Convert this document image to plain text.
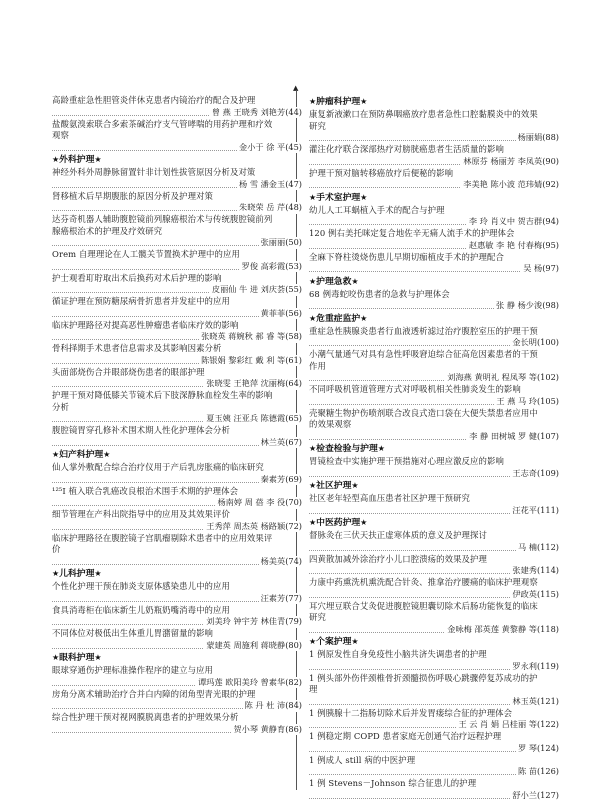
▲
高龄重症急性胆管炎伴休克患者内镜治疗的配合及护理
(44)
曾 燕 王晓秀 刘艳芳
盐酸氨溴索联合多索茶碱治疗支气管哮喘的用药护理和疗效
观察
(45)
金小于 徐 平
★外科护理★
神经外科外周静脉留置针非计划性拔管原因分析及对策
(47)
杨 雪 潘金玉
肾移植术后早期腹胀的原因分析及护理对策
(48)
朱晓荣 岳 芹
达芬奇机器人辅助腹腔镜前列腺癌根治术与传统腹腔镜前列
腺癌根治术的护理及疗效研究
(50)
张丽丽
Orem 自理理论在人工髋关节置换术护理中的应用
(53)
罗俊 高彩霞
护士观看耵聍取出术后换药对术后护理的影响
(55)
皮丽仙 牛 进 刘庆荟
循证护理在预防糖尿病骨折患者并发症中的应用
(56)
黄菲菲
临床护理路径对提高恶性肿瘤患者临床疗效的影响
(58)
张晓英 蒋婉秋 郝 睿 等
骨科择期手术患者信息需求及其影响因素分析
(61)
陈银娟 黎彩红 戴 利 等
头面部烧伤合并眼部烧伤患者的眼部护理
(64)
张晓雯 王艳萍 沈丽梅
护理干预对降低膝关节镜术后下肢深静脉血栓发生率的影响
分析
(65)
夏玉姨 汪亚兵 陈德霞
腹腔镜胃穿孔修补术围术期人性化护理体会分析
(67)
林兰英
★妇产科护理★
仙人掌外敷配合综合治疗仪用于产后乳房胀痛的临床研究
(69)
秦素芳
¹²⁵I 植入联合乳癌改良根治术围手术期的护理体会
(70)
杨南婷 周 蓓 李 役
细节管理在产科出院指导中的应用及其效果评价
(72)
王秀萍 周杰英 杨路颖
临床护理路径在腹腔镜子宫肌瘤剔除术患者中的应用效果评
价
(74)
杨美英
★儿科护理★
个性化护理干预在肺炎支原体感染患儿中的应用
(77)
汪素芳
食具消毒柜在临床新生儿奶瓶奶嘴消毒中的应用
(79)
刘美玲 钟宇芳 林佳青
不同体位对极低出生体重儿胃潴留量的影响
(80)
蒙建英 周施利 蒋晓静
★眼科护理★
眼球穿通伤护理标准操作程序的建立与应用
(82)
谭玛莲 欧阳美玲 曾素华
房角分离术辅助治疗合并白内障的闭角型青光眼的护理
(84)
陈 丹 杜 沛
综合性护理干预对视网膜脱离患者的护理效果分析
(86)
贺小琴 黄静育
★肿瘤科护理★
康复新液漱口在预防鼻咽癌放疗患者急性口腔黏膜炎中的效果
研究
(88)
杨丽娟
灌注化疗联合深部热疗对膀胱癌患者生活质量的影响
(90)
林原芬 杨丽芳 李凤英
护理干预对脑转移癌放疗后便秘的影响
(92)
李美艳 陈小波 范玮婧
★手术室护理★
幼儿人工耳蜗植入手术的配合与护理
(94)
李 玲 肖义中 贺吉群
120 例右美托咪定复合地佐辛无痛人流手术的护理体会
(95)
赵惠敏 李 艳 付春梅
全麻下脊柱烫烧伤患儿早期切痂植皮手术的护理配合
(97)
吴 杨
★护理急救★
68 例毒蛇咬伤患者的急救与护理体会
(98)
张 静 杨少浚
★危重症监护★
重症急性胰腺炎患者行血液透析滤过治疗腹腔室压的护理干预
(100)
金长明
小潮气量通气对具有急性呼吸窘迫综合征高危因素患者的干预
作用
(102)
刘海燕 黄明礼 程凤琴 等
不同呼吸机管道管理方式对呼吸机相关性肺炎发生的影响
(105)
王 燕 马 玲
壳聚糖生物护伤喷剂联合改良式造口袋在大便失禁患者应用中
的效果观察
(107)
李 静 田树城 罗 健
★检查检验与护理★
胃镜检查中实施护理干预措施对心理应激反应的影响
(109)
王志奇
★社区护理★
社区老年轻型高血压患者社区护理干预研究
(111)
汪花平
★中医药护理★
督脉灸在三伏天扶正虚寒体质的意义及护理探讨
(112)
马 楠
四黄散加减外涂治疗小儿口腔溃疡的效果及护理
(114)
张建秀
力康中药熏洗机熏洗配合针灸、推拿治疗腰痛的临床护理观察
(115)
伊政英
耳穴埋豆联合艾灸促进腹腔镜胆囊切除术后肠功能恢复的临床
研究
(118)
金咏梅 邵英莲 黄黎静 等
★个案护理★
1 例原发性自身免疫性小脑共济失调患者的护理
(119)
罗永利
1 例头部外伤伴颈椎骨折颈髓损伤呼吸心跳骤停复苏成功的护
理
(121)
林玉英
1 例胰腺十二指肠切除术后并发胃瘘综合征的护理体会
(122)
王 云 肖 娟 吕桂丽 等
1 例稳定期 COPD 患者家庭无创通气治疗远程护理
(124)
罗 琴
1 例成人 still 病的中医护理
(126)
陈 苗
1 例 Stevens－Johnson 综合征患儿的护理
(127)
舒小兰
